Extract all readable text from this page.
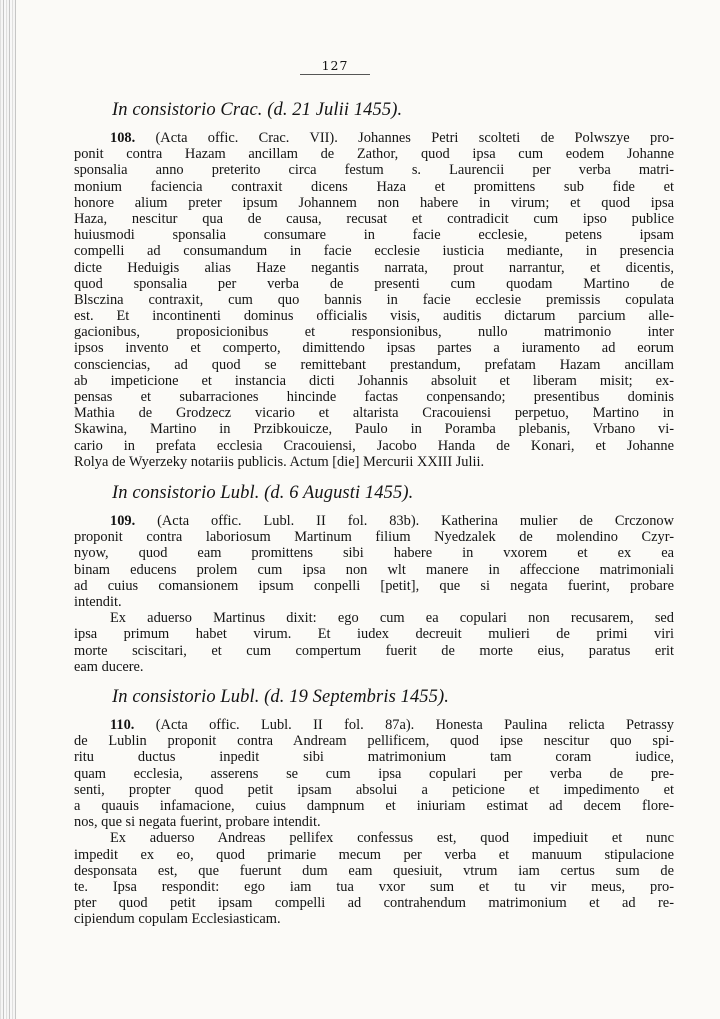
127
In consistorio Crac. (d. 21 Julii 1455).
108. (Acta offic. Crac. VII). Johannes Petri scolteti de Polwszye pro-
ponit contra Hazam ancillam de Zathor, quod ipsa cum eodem Johanne
sponsalia anno preterito circa festum s. Laurencii per verba matri-
monium faciencia contraxit dicens Haza et promittens sub fide et
honore alium preter ipsum Johannem non habere in virum; et quod ipsa
Haza, nescitur qua de causa, recusat et contradicit cum ipso publice
huiusmodi sponsalia consumare in facie ecclesie, petens ipsam
compelli ad consumandum in facie ecclesie iusticia mediante, in presencia
dicte Heduigis alias Haze negantis narrata, prout narrantur, et dicentis,
quod sponsalia per verba de presenti cum quodam Martino de
Blsczina contraxit, cum quo bannis in facie ecclesie premissis copulata
est. Et incontinenti dominus officialis visis, auditis dictarum parcium alle-
gacionibus, proposicionibus et responsionibus, nullo matrimonio inter
ipsos invento et comperto, dimittendo ipsas partes a iuramento ad eorum
consciencias, ad quod se remittebant prestandum, prefatam Hazam ancillam
ab impeticione et instancia dicti Johannis absoluit et liberam misit; ex-
pensas et subarraciones hincinde factas conpensando; presentibus dominis
Mathia de Grodzecz vicario et altarista Cracouiensi perpetuo, Martino in
Skawina, Martino in Przibkouicze, Paulo in Poramba plebanis, Vrbano vi-
cario in prefata ecclesia Cracouiensi, Jacobo Handa de Konari, et Johanne
Rolya de Wyerzeky notariis publicis. Actum [die] Mercurii XXIII Julii.
In consistorio Lubl. (d. 6 Augusti 1455).
109. (Acta offic. Lubl. II fol. 83b). Katherina mulier de Crczonow
proponit contra laboriosum Martinum filium Nyedzalek de molendino Czyr-
nyow, quod eam promittens sibi habere in vxorem et ex ea
binam educens prolem cum ipsa non wlt manere in affeccione matrimoniali
ad cuius comansionem ipsum conpelli [petit], que si negata fuerint, probare
intendit.
Ex aduerso Martinus dixit: ego cum ea copulari non recusarem, sed
ipsa primum habet virum. Et iudex decreuit mulieri de primi viri
morte sciscitari, et cum compertum fuerit de morte eius, paratus erit
eam ducere.
In consistorio Lubl. (d. 19 Septembris 1455).
110. (Acta offic. Lubl. II fol. 87a). Honesta Paulina relicta Petrassy
de Lublin proponit contra Andream pellificem, quod ipse nescitur quo spi-
ritu ductus inpedit sibi matrimonium tam coram iudice,
quam ecclesia, asserens se cum ipsa copulari per verba de pre-
senti, propter quod petit ipsam absolui a peticione et impedimento et
a quauis infamacione, cuius dampnum et iniuriam estimat ad decem flore-
nos, que si negata fuerint, probare intendit.
Ex aduerso Andreas pellifex confessus est, quod impediuit et nunc
impedit ex eo, quod primarie mecum per verba et manuum stipulacione
desponsata est, que fuerunt dum eam quesiuit, vtrum iam certus sum de
te. Ipsa respondit: ego iam tua vxor sum et tu vir meus, pro-
pter quod petit ipsam compelli ad contrahendum matrimonium et ad re-
cipiendum copulam Ecclesiasticam.
